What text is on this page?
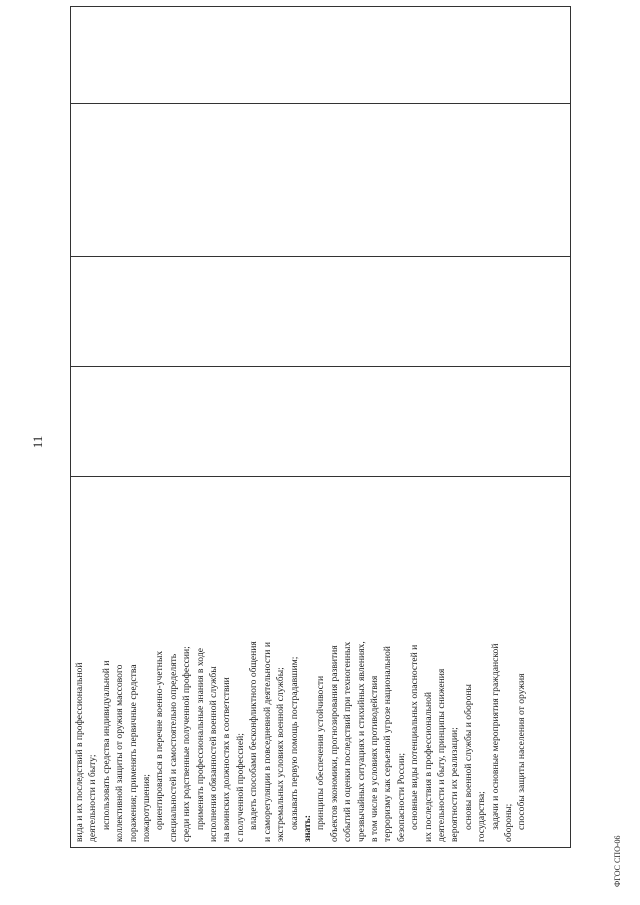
11

вида и их последствий в профессиональной деятельности и быту; использовать средства индивидуальной и коллективной защиты от оружия массового поражения; применять первичные средства пожаротушения; ориентироваться в перечне военно-учетных специальностей и самостоятельно определять среди них родственные полученной профессии; применять профессиональные знания в ходе исполнения обязанностей военной службы на воинских должностях в соответствии с полученной профессией; владеть способами бесконфликтного общения и саморегуляции в повседневной деятельности и экстремальных условиях военной службы; оказывать первую помощь пострадавшим; знать: принципы обеспечения устойчивости объектов экономики, прогнозирования развития событий и оценки последствий при техногенных чрезвычайных ситуациях и стихийных явлениях, в том числе в условиях противодействия терроризму как серьезной угрозе национальной безопасности России; основные виды потенциальных опасностей и их последствия в профессиональной деятельности и быту, принципы снижения вероятности их реализации; основы военной службы и обороны государства; задачи и основные мероприятия гражданской обороны; способы защиты населения от оружия

ФГОС СПО-06
